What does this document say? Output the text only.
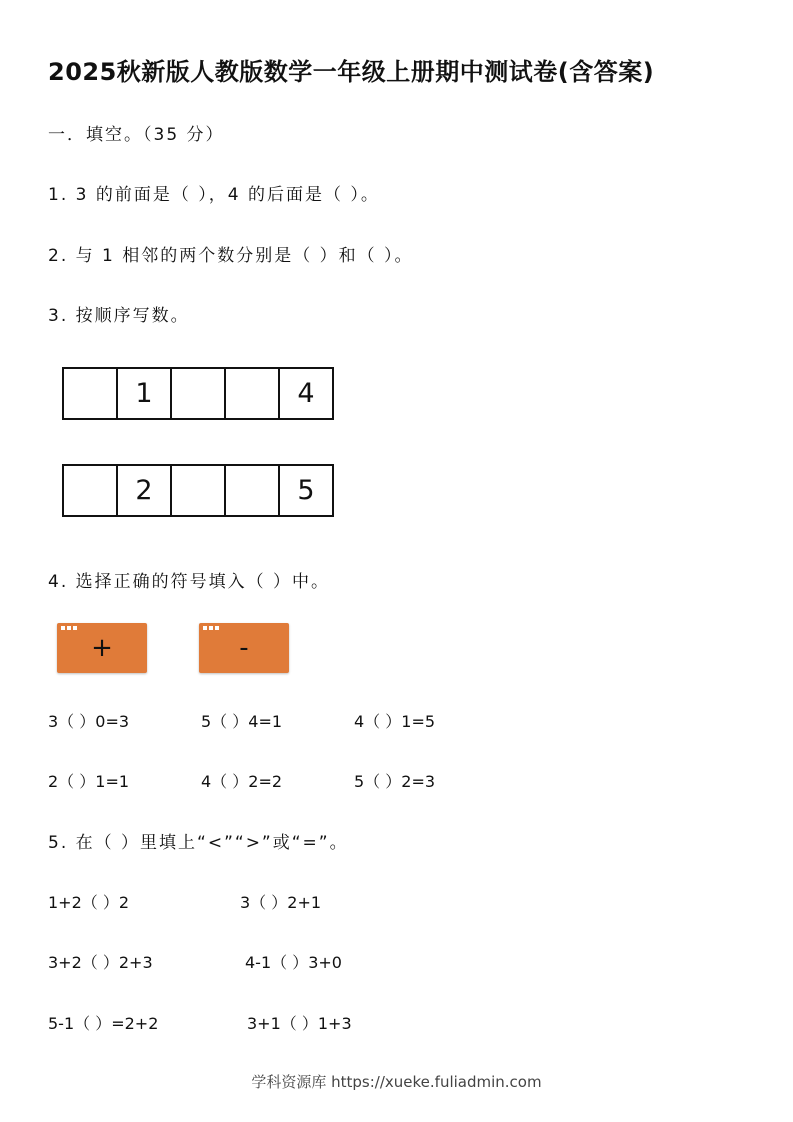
2025秋新版人教版数学一年级上册期中测试卷(含答案)
一．填空。（35 分）
1. 3 的前面是（ ），4 的后面是（ ）。
2. 与 1 相邻的两个数分别是（ ）和（ ）。
3. 按顺序写数。
1	4
2	5
4. 选择正确的符号填入（ ）中。
+	-
3（ ）0=3	5（ ）4=1	4（ ）1=5
2（ ）1=1	4（ ）2=2	5（ ）2=3
5. 在（ ）里填上“<”“>”或“=”。
1+2（ ）2	3（ ）2+1
3+2（ ）2+3	4-1（ ）3+0
5-1（ ）=2+2	3+1（ ）1+3
学科资源库 https://xueke.fuliadmin.com
